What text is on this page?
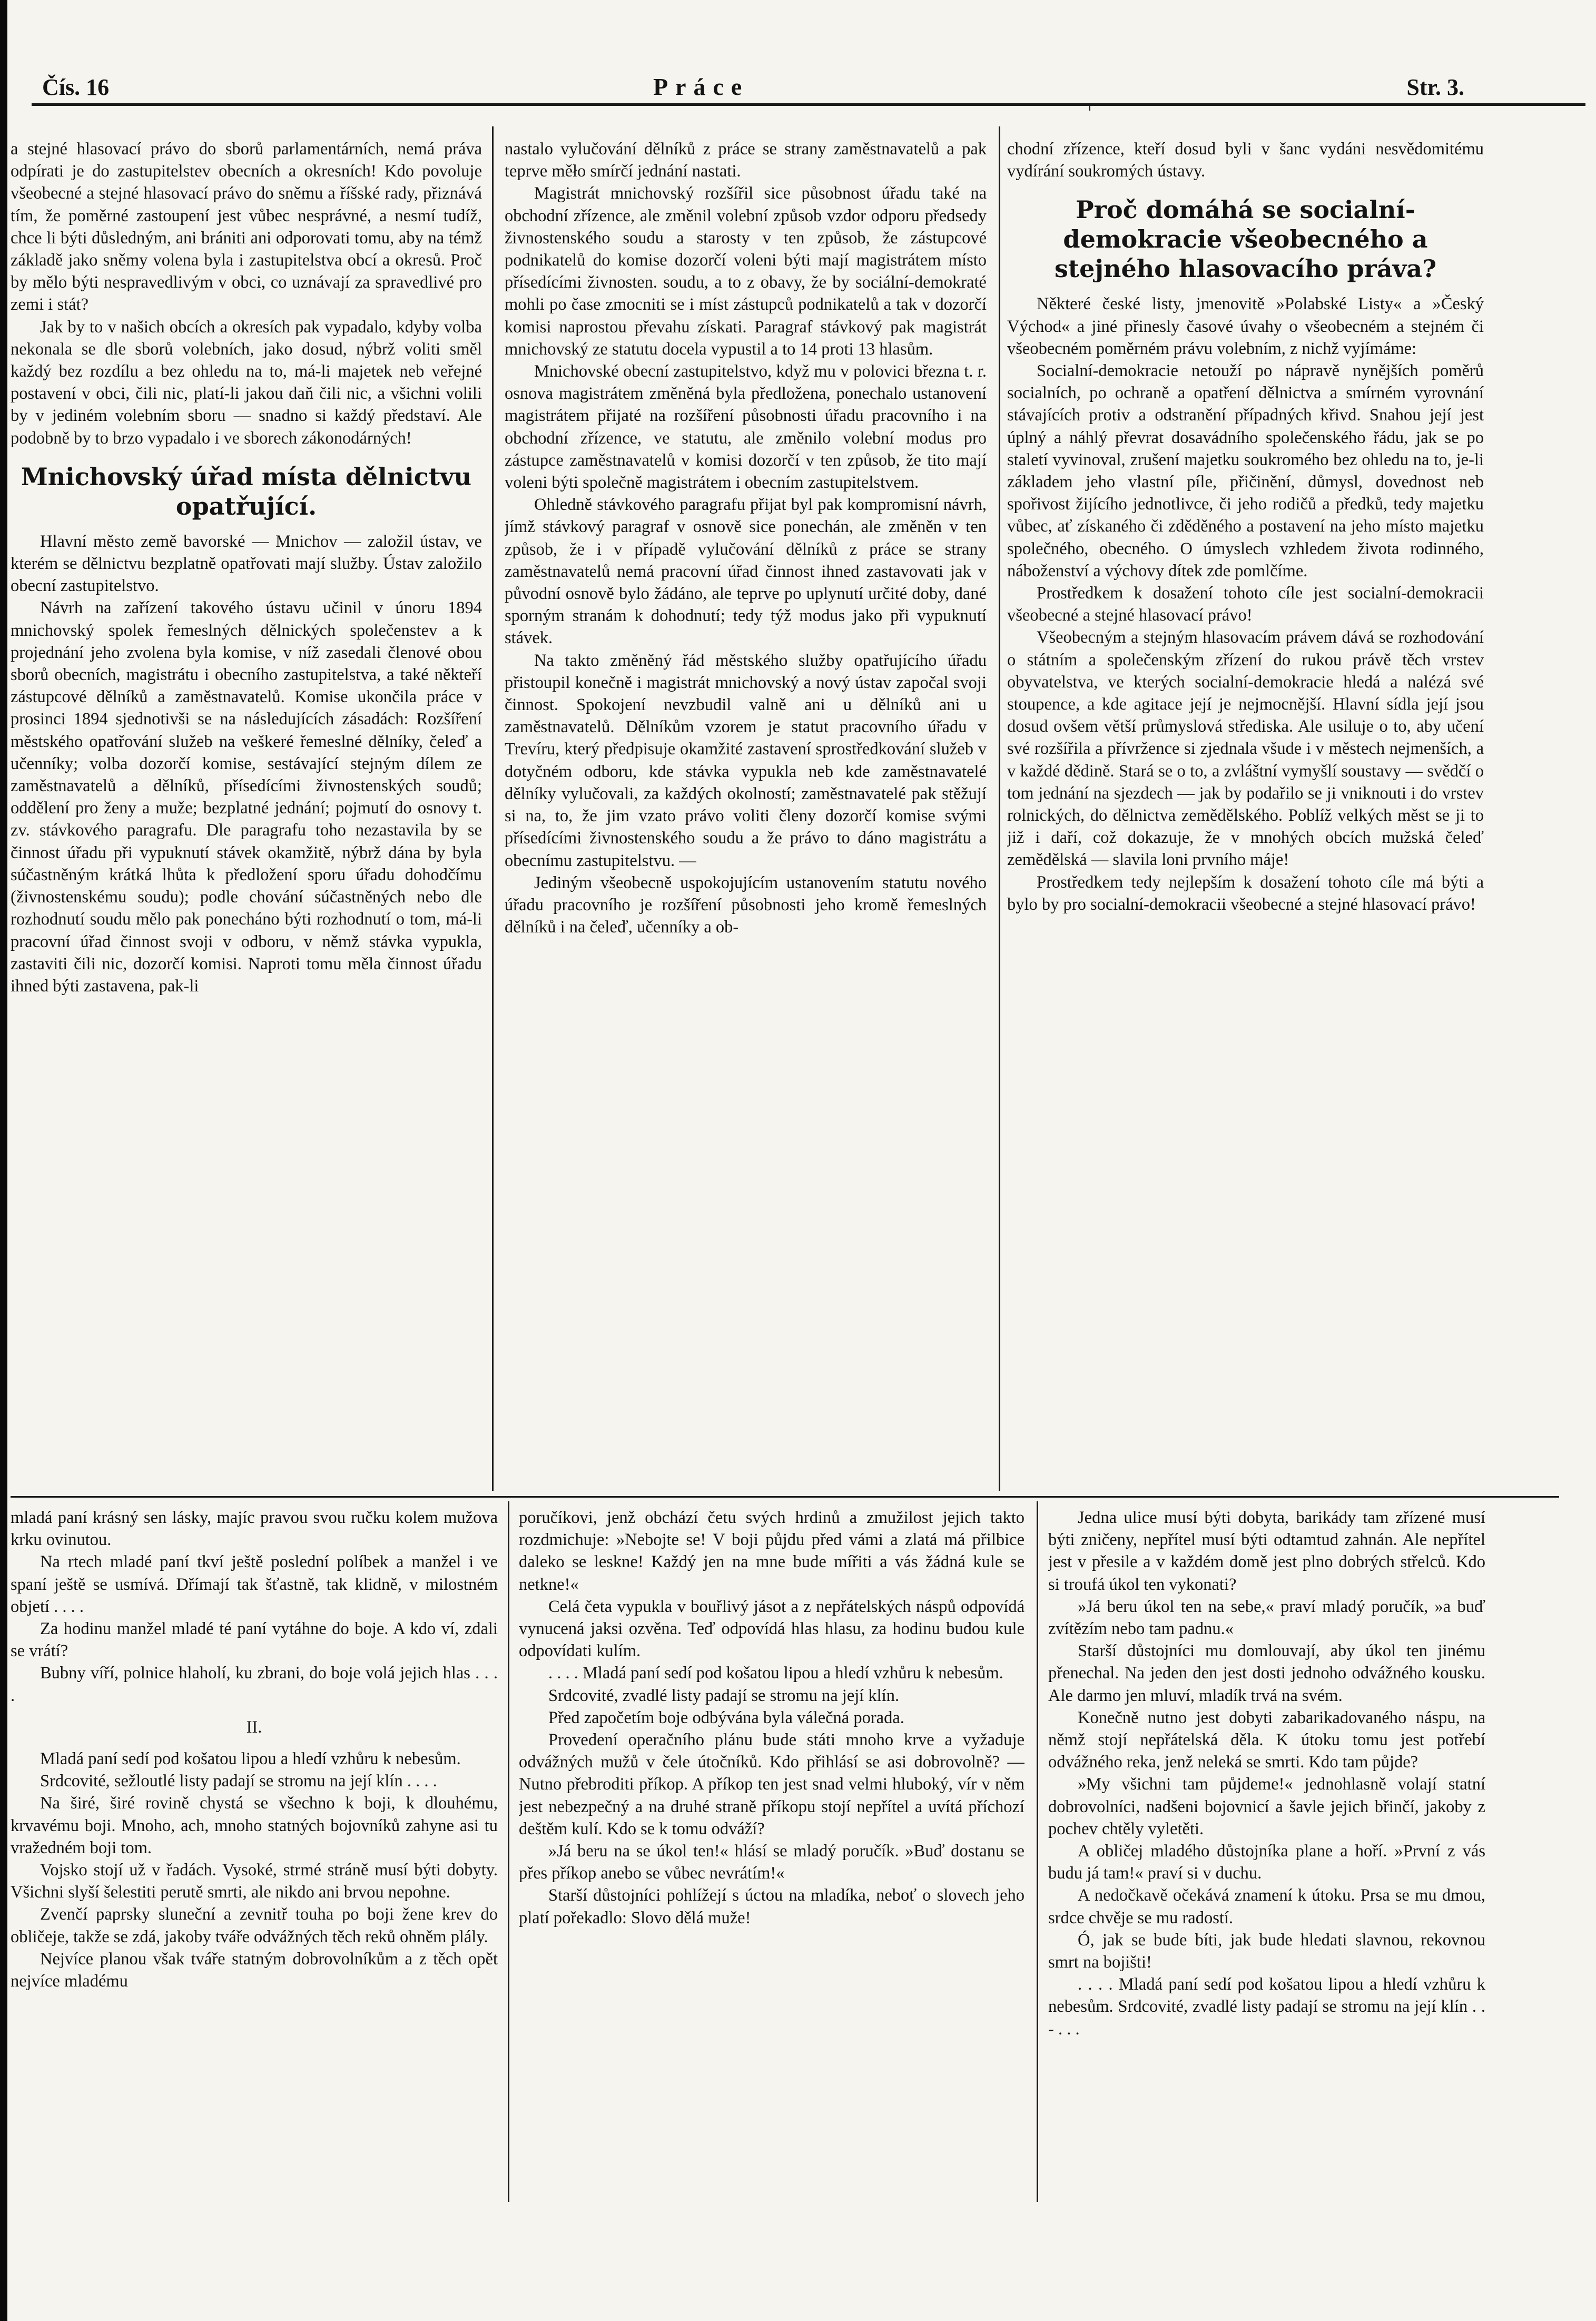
Čís. 16	Práce	Str. 3.

a stejné hlasovací právo do sborů parlamentárních, nemá práva odpírati je do zastupitelstev obecních a okresních! Kdo povoluje všeobecné a stejné hlasovací právo do sněmu a říšské rady, přiznává tím, že poměrné zastoupení jest vůbec nesprávné, a nesmí tudíž, chce li býti důsledným, ani brániti ani odporovati tomu, aby na témž základě jako sněmy volena byla i zastupitelstva obcí a okresů. Proč by mělo býti nespravedlivým v obci, co uznávají za spravedlivé pro zemi i stát?

Jak by to v našich obcích a okresích pak vypadalo, kdyby volba nekonala se dle sborů volebních, jako dosud, nýbrž voliti směl každý bez rozdílu a bez ohledu na to, má-li majetek neb veřejné postavení v obci, čili nic, platí-li jakou daň čili nic, a všichni volili by v jediném volebním sboru — snadno si každý představí. Ale podobně by to brzo vypadalo i ve sborech zákonodárných!

Mnichovský úřad místa dělnictvu opatřující.

Hlavní město země bavorské — Mnichov — založil ústav, ve kterém se dělnictvu bezplatně opatřovati mají služby. Ústav založilo obecní zastupitelstvo.

Návrh na zařízení takového ústavu učinil v únoru 1894 mnichovský spolek řemeslných dělnických společenstev a k projednání jeho zvolena byla komise, v níž zasedali členové obou sborů obecních, magistrátu i obecního zastupitelstva, a také někteří zástupcové dělníků a zaměstnavatelů. Komise ukončila práce v prosinci 1894 sjednotivši se na následujících zásadách: Rozšíření městského opatřování služeb na veškeré řemeslné dělníky, čeleď a učenníky; volba dozorčí komise, sestávající stejným dílem ze zaměstnavatelů a dělníků, přísedícími živnostenských soudů; oddělení pro ženy a muže; bezplatné jednání; pojmutí do osnovy t. zv. stávkového paragrafu. Dle paragrafu toho nezastavila by se činnost úřadu při vypuknutí stávek okamžitě, nýbrž dána by byla súčastněným krátká lhůta k předložení sporu úřadu dohodčímu (živnostenskému soudu); podle chování súčastněných nebo dle rozhodnutí soudu mělo pak ponecháno býti rozhodnutí o tom, má-li pracovní úřad činnost svoji v odboru, v němž stávka vypukla, zastaviti čili nic, dozorčí komisi. Naproti tomu měla činnost úřadu ihned býti zastavena, pak-li

nastalo vylučování dělníků z práce se strany zaměstnavatelů a pak teprve měło smírčí jednání nastati.

Magistrát mnichovský rozšířil sice působnost úřadu také na obchodní zřízence, ale změnil volební způsob vzdor odporu předsedy živnostenského soudu a starosty v ten způsob, že zástupcové podnikatelů do komise dozorčí voleni býti mají magistrátem místo přísedícími živnosten. soudu, a to z obavy, že by sociální-demokraté mohli po čase zmocniti se i míst zástupců podnikatelů a tak v dozorčí komisi naprostou převahu získati. Paragraf stávkový pak magistrát mnichovský ze statutu docela vypustil a to 14 proti 13 hlasům.

Mnichovské obecní zastupitelstvo, když mu v polovici března t. r. osnova magistrátem změněná byla předložena, ponechalo ustanovení magistrátem přijaté na rozšíření působnosti úřadu pracovního i na obchodní zřízence, ve statutu, ale změnilo volební modus pro zástupce zaměstnavatelů v komisi dozorčí v ten způsob, že tito mají voleni býti společně magistrátem i obecním zastupitelstvem.

Ohledně stávkového paragrafu přijat byl pak kompromisní návrh, jímž stávkový paragraf v osnově sice ponechán, ale změněn v ten způsob, že i v případě vylučování dělníků z práce se strany zaměstnavatelů nemá pracovní úřad činnost ihned zastavovati jak v původní osnově bylo žádáno, ale teprve po uplynutí určité doby, dané sporným stranám k dohodnutí; tedy týž modus jako při vypuknutí stávek.

Na takto změněný řád městského služby opatřujícího úřadu přistoupil konečně i magistrát mnichovský a nový ústav započal svoji činnost. Spokojení nevzbudil valně ani u dělníků ani u zaměstnavatelů. Dělníkům vzorem je statut pracovního úřadu v Trevíru, který předpisuje okamžité zastavení sprostředkování služeb v dotyčném odboru, kde stávka vypukla neb kde zaměstnavatelé dělníky vylučovali, za každých okolností; zaměstnavatelé pak stěžují si na, to, že jim vzato právo voliti členy dozorčí komise svými přísedícími živnostenského soudu a že právo to dáno magistrátu a obecnímu zastupitelstvu. —

Jediným všeobecně uspokojujícím ustanovením statutu nového úřadu pracovního je rozšíření působnosti jeho kromě řemeslných dělníků i na čeleď, učenníky a ob-

chodní zřízence, kteří dosud byli v šanc vydáni nesvědomitému vydírání soukromých ústavy.

Proč domáhá se socialní-demokracie všeobecného a stejného hlasovacího práva?

Některé české listy, jmenovitě »Polabské Listy« a »Český Východ« a jiné přinesly časové úvahy o všeobecném a stejném či všeobecném poměrném právu volebním, z nichž vyjímáme:

Socialní-demokracie netouží po nápravě nynějších poměrů socialních, po ochraně a opatření dělnictva a smírném vyrovnání stávajících protiv a odstranění případných křivd. Snahou její jest úplný a náhlý převrat dosavádního společenského řádu, jak se po staletí vyvinoval, zrušení majetku soukromého bez ohledu na to, je-li základem jeho vlastní píle, přičinění, důmysl, dovednost neb spořivost žijícího jednotlivce, či jeho rodičů a předků, tedy majetku vůbec, ať získaného či zděděného a postavení na jeho místo majetku společného, obecného. O úmyslech vzhledem života rodinného, náboženství a výchovy dítek zde pomlčíme.

Prostředkem k dosažení tohoto cíle jest socialní-demokracii všeobecné a stejné hlasovací právo!

Všeobecným a stejným hlasovacím právem dává se rozhodování o státním a společenským zřízení do rukou právě těch vrstev obyvatelstva, ve kterých socialní-demokracie hledá a nalézá své stoupence, a kde agitace její je nejmocnější. Hlavní sídla její jsou dosud ovšem větší průmyslová střediska. Ale usiluje o to, aby učení své rozšířila a přívržence si zjednala všude i v městech nejmenších, a v každé dědině. Stará se o to, a zvláštní vymyšlí soustavy — svědčí o tom jednání na sjezdech — jak by podařilo se ji vniknouti i do vrstev rolnických, do dělnictva zemědělského. Poblíž velkých měst se ji to již i daří, což dokazuje, že v mnohých obcích mužská čeleď zemědělská — slavila loni prvního máje!

Prostředkem tedy nejlepším k dosažení tohoto cíle má býti a bylo by pro socialní-demokracii všeobecné a stejné hlasovací právo!

mladá paní krásný sen lásky, majíc pravou svou ručku kolem mužova krku ovinutou.

Na rtech mladé paní tkví ještě poslední políbek a manžel i ve spaní ještě se usmívá. Dřímají tak šťastně, tak klidně, v milostném objetí . . . .

Za hodinu manžel mladé té paní vytáhne do boje. A kdo ví, zdali se vrátí?

Bubny víří, polnice hlaholí, ku zbrani, do boje volá jejich hlas . . . .

II.

Mladá paní sedí pod košatou lipou a hledí vzhůru k nebesům.

Srdcovité, sežloutlé listy padají se stromu na její klín . . . .

Na širé, širé rovině chystá se všechno k boji, k dlouhému, krvavému boji. Mnoho, ach, mnoho statných bojovníků zahyne asi tu vražedném boji tom.

Vojsko stojí už v řadách. Vysoké, strmé stráně musí býti dobyty. Všichni slyší šelestiti perutě smrti, ale nikdo ani brvou nepohne.

Zvenčí paprsky sluneční a zevnitř touha po boji žene krev do obličeje, takže se zdá, jakoby tváře odvážných těch reků ohněm plály.

Nejvíce planou však tváře statným dobrovolníkům a z těch opět nejvíce mladému

poručíkovi, jenž obchází četu svých hrdinů a zmužilost jejich takto rozdmichuje: »Nebojte se! V boji půjdu před vámi a zlatá má přilbice daleko se leskne! Každý jen na mne bude mířiti a vás žádná kule se netkne!«

Celá četa vypukla v bouřlivý jásot a z nepřátelských náspů odpovídá vynucená jaksi ozvěna. Teď odpovídá hlas hlasu, za hodinu budou kule odpovídati kulím.

. . . . Mladá paní sedí pod košatou lipou a hledí vzhůru k nebesům.

Srdcovité, zvadlé listy padají se stromu na její klín.

Před započetím boje odbývána byla válečná porada.

Provedení operačního plánu bude státi mnoho krve a vyžaduje odvážných mužů v čele útočníků. Kdo přihlásí se asi dobrovolně? — Nutno přebroditi příkop. A příkop ten jest snad velmi hluboký, vír v něm jest nebezpečný a na druhé straně příkopu stojí nepřítel a uvítá příchozí deštěm kulí. Kdo se k tomu odváží?

»Já beru na se úkol ten!« hlásí se mladý poručík. »Buď dostanu se přes příkop anebo se vůbec nevrátím!«

Starší důstojníci pohlížejí s úctou na mladíka, neboť o slovech jeho platí pořekadlo: Slovo dělá muže!

Jedna ulice musí býti dobyta, barikády tam zřízené musí býti zničeny, nepřítel musí býti odtamtud zahnán. Ale nepřítel jest v přesile a v každém domě jest plno dobrých střelců. Kdo si troufá úkol ten vykonati?

»Já beru úkol ten na sebe,« praví mladý poručík, »a buď zvítězím nebo tam padnu.«

Starší důstojníci mu domlouvají, aby úkol ten jinému přenechal. Na jeden den jest dosti jednoho odvážného kousku. Ale darmo jen mluví, mladík trvá na svém.

Konečně nutno jest dobyti zabarikadovaného náspu, na němž stojí nepřátelská děla. K útoku tomu jest potřebí odvážného reka, jenž neleká se smrti. Kdo tam půjde?

»My všichni tam půjdeme!« jednohlasně volají statní dobrovolníci, nadšeni bojovnicí a šavle jejich břinčí, jakoby z pochev chtěly vyletěti.

A obličej mladého důstojníka plane a hoří. »První z vás budu já tam!« praví si v duchu.

A nedočkavě očekává znamení k útoku. Prsa se mu dmou, srdce chvěje se mu radostí.

Ó, jak se bude bíti, jak bude hledati slavnou, rekovnou smrt na bojišti!

. . . . Mladá paní sedí pod košatou lipou a hledí vzhůru k nebesům. Srdcovité, zvadlé listy padají se stromu na její klín . . - . . .
